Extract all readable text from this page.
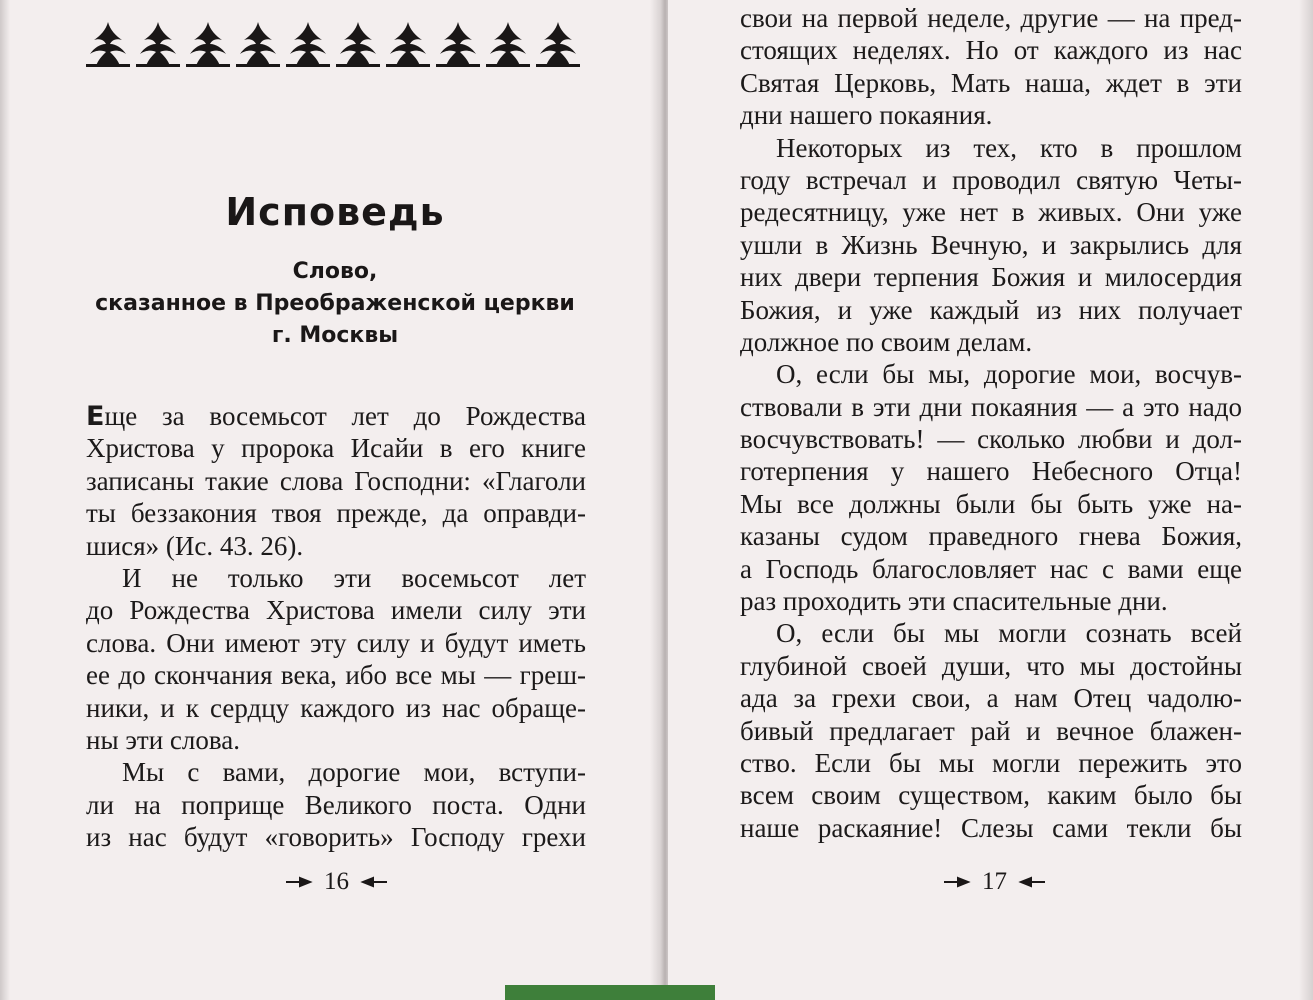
Исповедь
Слово,
сказанное в Преображенской церкви
г. Москвы
Еще за восемьсот лет до Рождества
Христова у пророка Исайи в его книге
записаны такие слова Господни: «Глаголи
ты беззакония твоя прежде, да оправди-
шися» (Ис. 43. 26).
И не только эти восемьсот лет
до Рождества Христова имели силу эти
слова. Они имеют эту силу и будут иметь
ее до скончания века, ибо все мы — греш-
ники, и к сердцу каждого из нас обраще-
ны эти слова.
Мы с вами, дорогие мои, вступи-
ли на поприще Великого поста. Одни
из нас будут «говорить» Господу грехи
16
свои на первой неделе, другие — на пред-
стоящих неделях. Но от каждого из нас
Святая Церковь, Мать наша, ждет в эти
дни нашего покаяния.
Некоторых из тех, кто в прошлом
году встречал и проводил святую Четы-
редесятницу, уже нет в живых. Они уже
ушли в Жизнь Вечную, и закрылись для
них двери терпения Божия и милосердия
Божия, и уже каждый из них получает
должное по своим делам.
О, если бы мы, дорогие мои, восчув-
ствовали в эти дни покаяния — а это надо
восчувствовать! — сколько любви и дол-
готерпения у нашего Небесного Отца!
Мы все должны были бы быть уже на-
казаны судом праведного гнева Божия,
а Господь благословляет нас с вами еще
раз проходить эти спасительные дни.
О, если бы мы могли сознать всей
глубиной своей души, что мы достойны
ада за грехи свои, а нам Отец чадолю-
бивый предлагает рай и вечное блажен-
ство. Если бы мы могли пережить это
всем своим существом, каким было бы
наше раскаяние! Слезы сами текли бы
17
